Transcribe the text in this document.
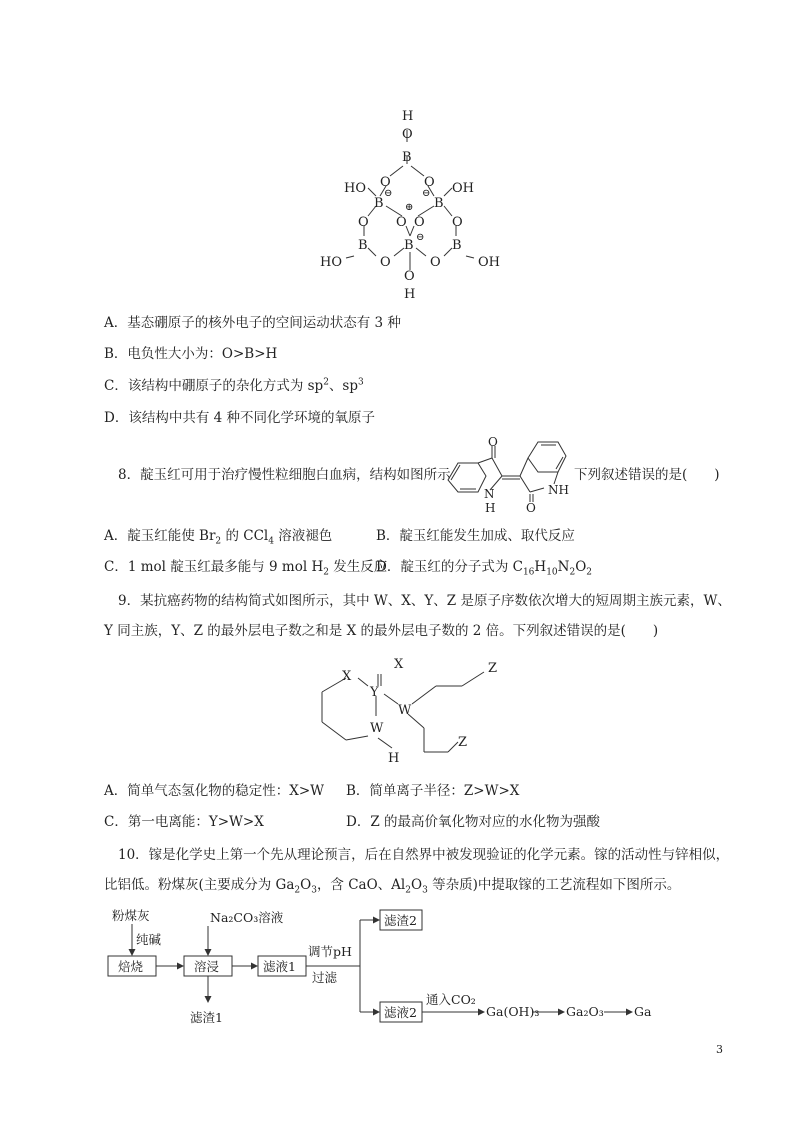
H
O
B
O	O
HO	OH
B	B
O	O
O O
B	B	B
HO	O	O	OH
O
H
⊖	⊖
⊕
⊖
A．基态硼原子的核外电子的空间运动状态有 3 种
B．电负性大小为：O>B>H
C．该结构中硼原子的杂化方式为 $sp^2$、$sp^3$
D．该结构中共有 4 种不同化学环境的氧原子
8．靛玉红可用于治疗慢性粒细胞白血病，结构如图所示
O
N
H
NH
O
下列叙述错误的是(　　)
A．靛玉红能使 $Br_2$ 的 CCl$_4$ 溶液褪色	B．靛玉红能发生加成、取代反应
C．1 mol 靛玉红最多能与 9 mol $H_2$ 发生反应
D．靛玉红的分子式为 $C_{16}H_{10}N_2O_2$
9．某抗癌药物的结构简式如图所示，其中 W、X、Y、Z 是原子序数依次增大的短周期主族元素，W、
Y 同主族，Y、Z 的最外层电子数之和是 X 的最外层电子数的 2 倍。下列叙述错误的是(　　)
X
X
Y
W
W
H
Z
Z
A．简单气态氢化物的稳定性：X>W B．简单离子半径：Z>W>X
C．第一电离能：Y>W>X	D．Z 的最高价氧化物对应的水化物为强酸
10．镓是化学史上第一个先从理论预言，后在自然界中被发现验证的化学元素。镓的活动性与锌相似，
比铝低。粉煤灰(主要成分为 $Ga_2O_3$，含 CaO、$Al_2O_3$ 等杂质)中提取镓的工艺流程如下图所示。
粉煤灰
纯碱
焙烧
Na₂CO₃溶液
溶浸	滤液1
调节pH
过滤
滤渣1
滤渣2
滤液2
通入CO₂
Ga(OH)₃ Ga₂O₃ Ga
3
